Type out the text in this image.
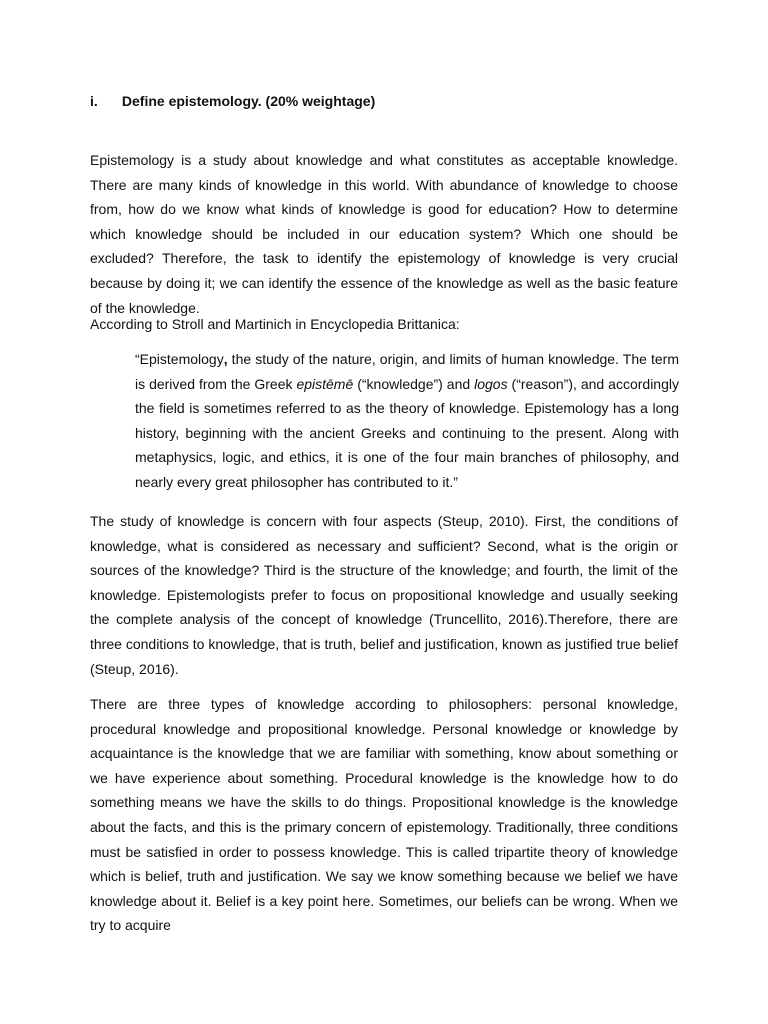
i. Define epistemology. (20% weightage)

Epistemology is a study about knowledge and what constitutes as acceptable knowledge. There are many kinds of knowledge in this world. With abundance of knowledge to choose from, how do we know what kinds of knowledge is good for education? How to determine which knowledge should be included in our education system? Which one should be excluded? Therefore, the task to identify the epistemology of knowledge is very crucial because by doing it; we can identify the essence of the knowledge as well as the basic feature of the knowledge.

According to Stroll and Martinich in Encyclopedia Brittanica:

“Epistemology, the study of the nature, origin, and limits of human knowledge. The term is derived from the Greek epistēmē (“knowledge”) and logos (“reason”), and accordingly the field is sometimes referred to as the theory of knowledge. Epistemology has a long history, beginning with the ancient Greeks and continuing to the present. Along with metaphysics, logic, and ethics, it is one of the four main branches of philosophy, and nearly every great philosopher has contributed to it.”

The study of knowledge is concern with four aspects (Steup, 2010). First, the conditions of knowledge, what is considered as necessary and sufficient? Second, what is the origin or sources of the knowledge? Third is the structure of the knowledge; and fourth, the limit of the knowledge. Epistemologists prefer to focus on propositional knowledge and usually seeking the complete analysis of the concept of knowledge (Truncellito, 2016).Therefore, there are three conditions to knowledge, that is truth, belief and justification, known as justified true belief (Steup, 2016).

There are three types of knowledge according to philosophers: personal knowledge, procedural knowledge and propositional knowledge. Personal knowledge or knowledge by acquaintance is the knowledge that we are familiar with something, know about something or we have experience about something. Procedural knowledge is the knowledge how to do something means we have the skills to do things. Propositional knowledge is the knowledge about the facts, and this is the primary concern of epistemology. Traditionally, three conditions must be satisfied in order to possess knowledge. This is called tripartite theory of knowledge which is belief, truth and justification. We say we know something because we belief we have knowledge about it. Belief is a key point here. Sometimes, our beliefs can be wrong. When we try to acquire
